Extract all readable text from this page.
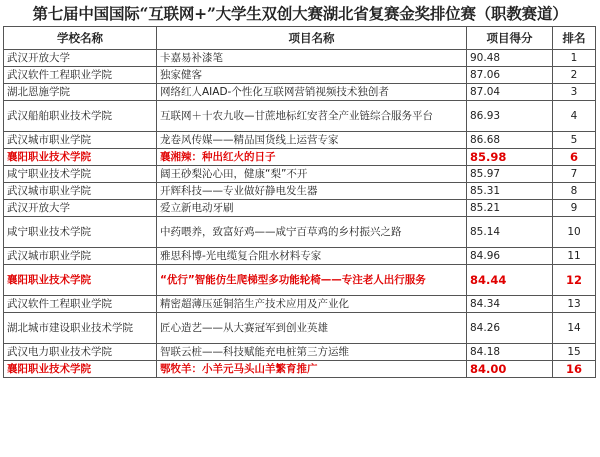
第七届中国国际“互联网+”大学生双创大赛湖北省复赛金奖排位赛（职教赛道）
学校名称	项目名称	项目得分	排名
武汉开放大学	卡嘉易补漆笔	90.48	1
武汉软件工程职业学院	独家健客	87.06	2
湖北恩施学院	网络红人AIAD-个性化互联网营销视频技术独创者	87.04	3
武汉船舶职业技术学院	互联网＋十农九收—甘蔗地标红安苕全产业链综合服务平台	86.93	4
武汉城市职业学院	龙卷风传媒——精品国货线上运营专家	86.68	5
襄阳职业技术学院	襄湘辣：种出红火的日子	85.98	6
咸宁职业技术学院	阔王砂梨沁心田，健康“梨”不开	85.97	7
武汉城市职业学院	开辉科技——专业做好静电发生器	85.31	8
武汉开放大学	爱立新电动牙刷	85.21	9
咸宁职业技术学院	中药喂养，致富好鸡——咸宁百草鸡的乡村振兴之路	85.14	10
武汉城市职业学院	雅思科博-光电缆复合阻水材料专家	84.96	11
襄阳职业技术学院	“优行”智能仿生爬梯型多功能轮椅——专注老人出行服务	84.44	12
武汉软件工程职业学院	精密超薄压延铜箔生产技术应用及产业化	84.34	13
湖北城市建设职业技术学院	匠心造艺——从大赛冠军到创业英雄	84.26	14
武汉电力职业技术学院	智联云桩——科技赋能充电桩第三方运维	84.18	15
襄阳职业技术学院	鄂牧羊：小羊元马头山羊繁育推广	84.00	16
